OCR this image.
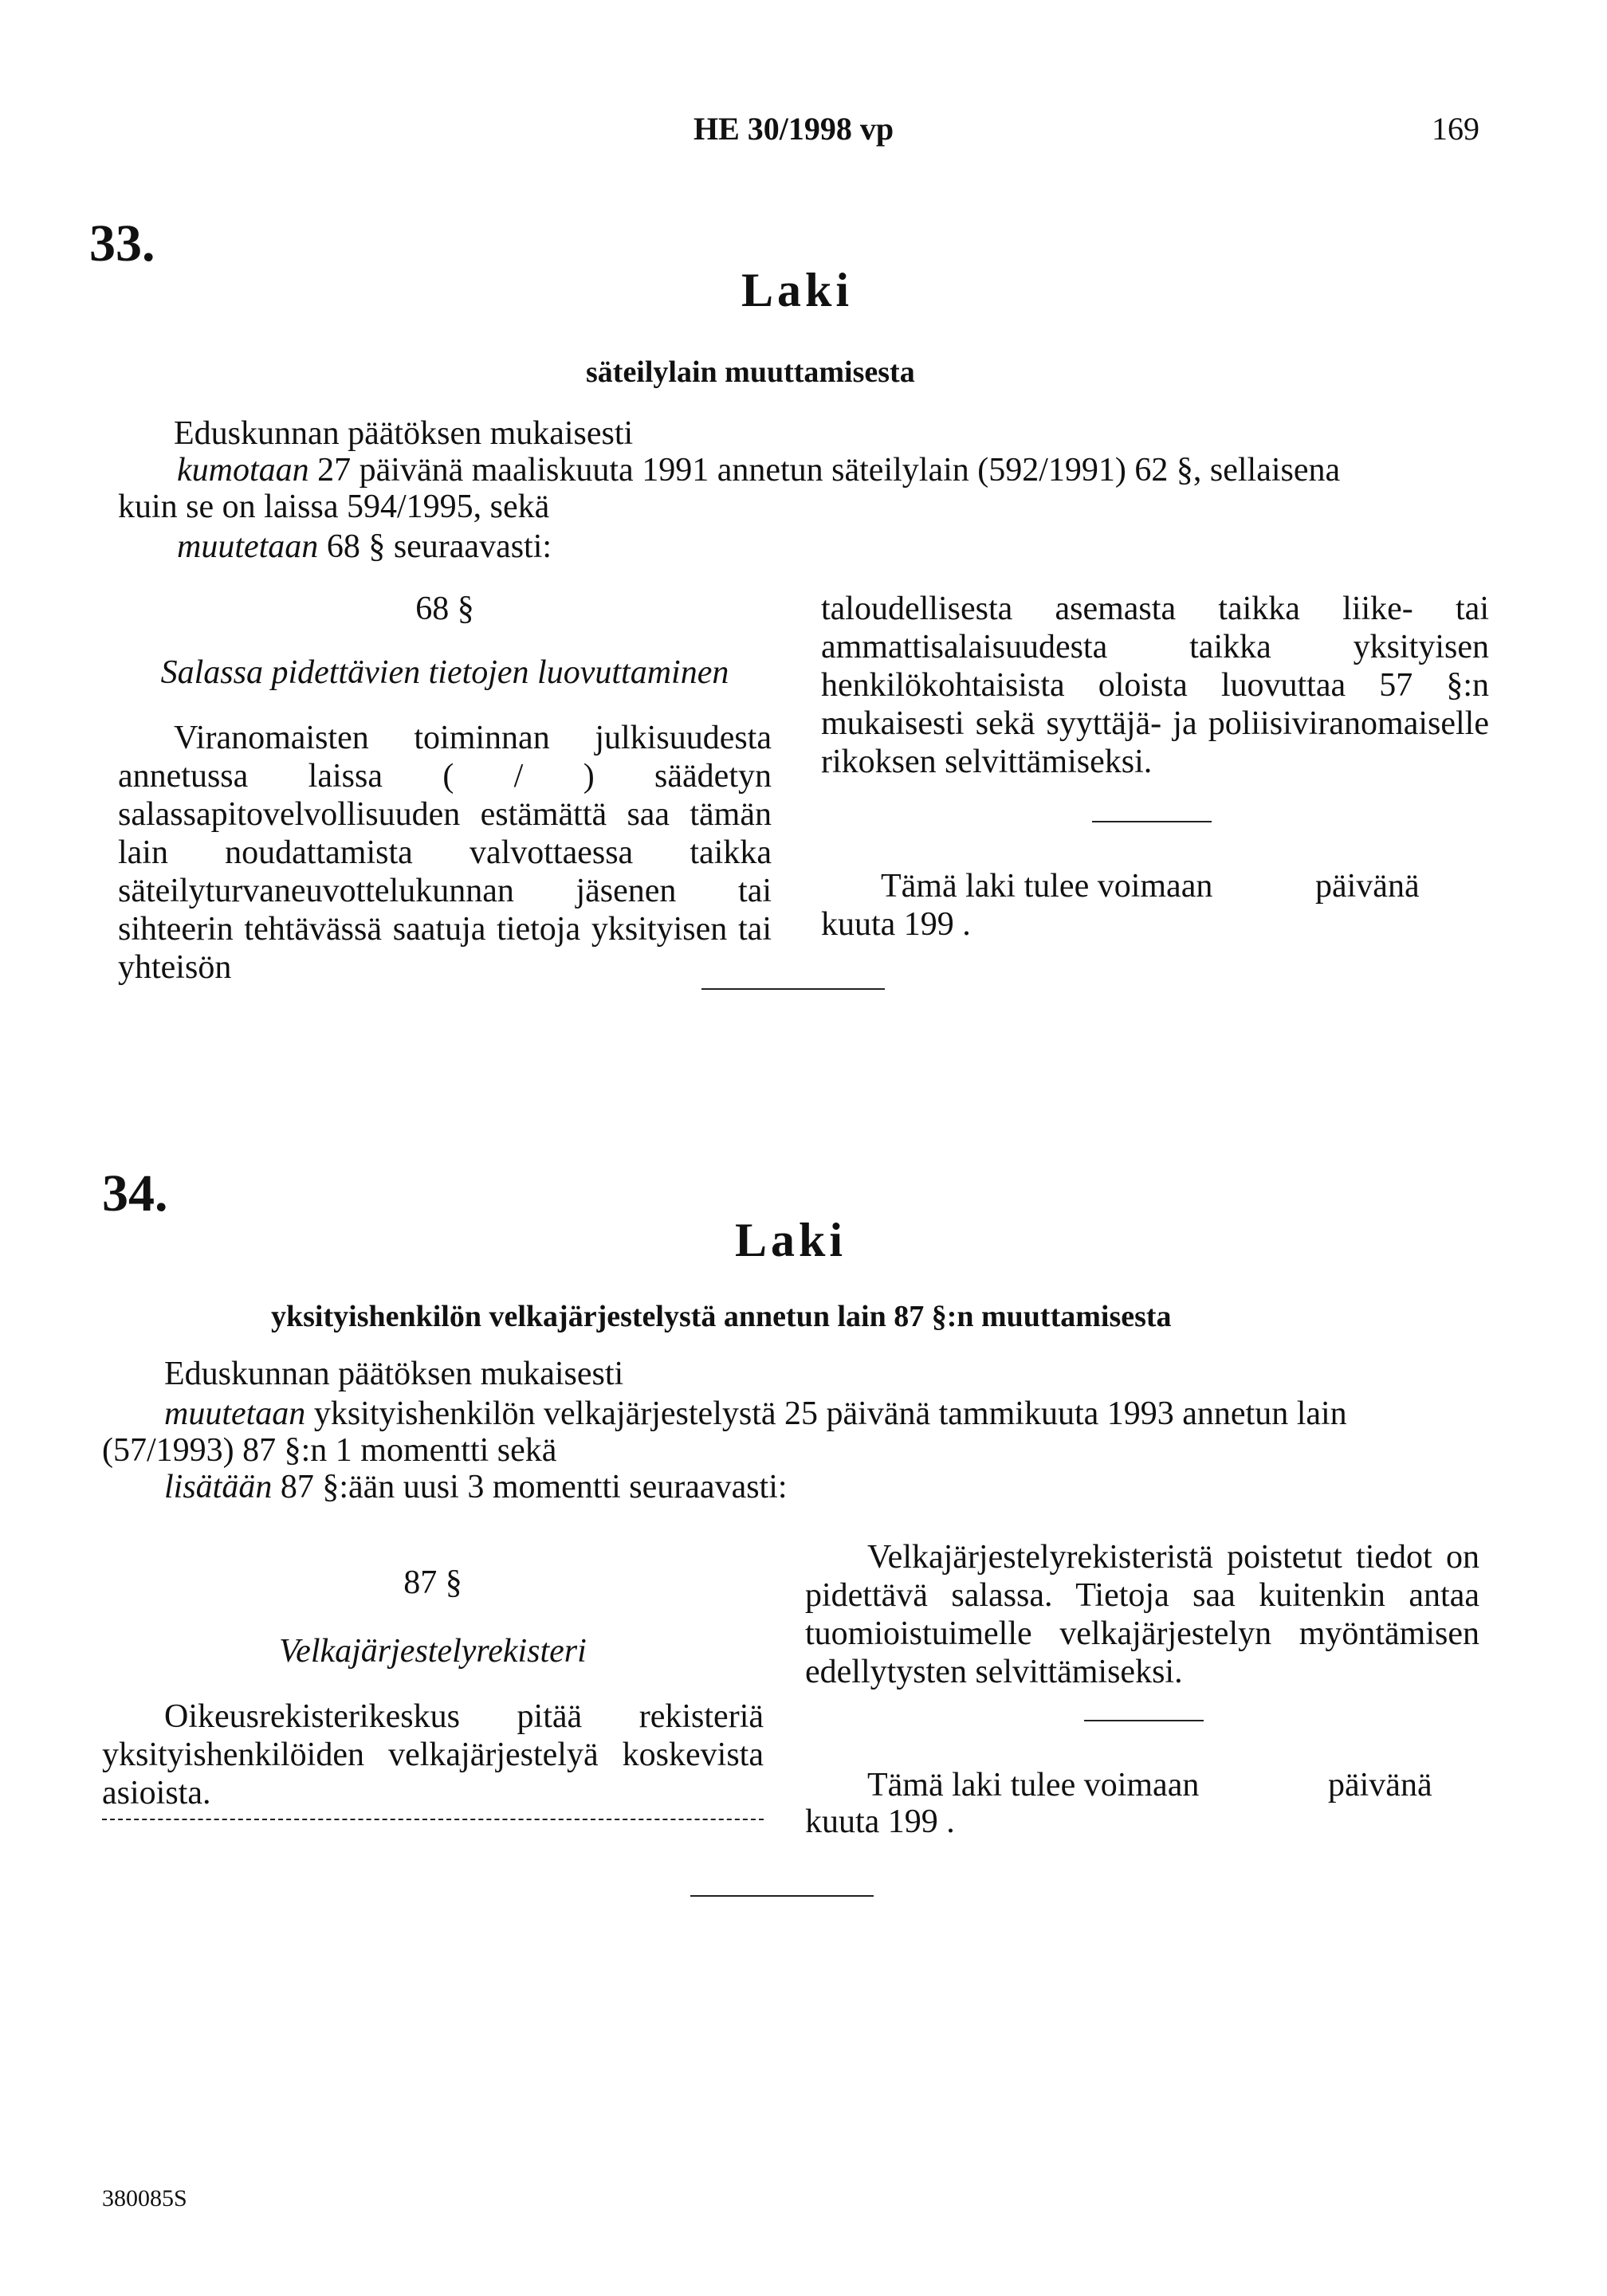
HE 30/1998 vp	169
33.
Laki
säteilylain muuttamisesta
Eduskunnan päätöksen mukaisesti
kumotaan 27 päivänä maaliskuuta 1991 annetun säteilylain (592/1991) 62 §, sellaisena
kuin se on laissa 594/1995, sekä
muutetaan 68 § seuraavasti:
68 §
Salassa pidettävien tietojen luovuttaminen

Viranomaisten toiminnan julkisuudesta annetussa laissa ( / ) säädetyn salassapitovelvollisuuden estämättä saa tämän lain noudattamista valvottaessa taikka säteilyturvaneuvottelukunnan jäsenen tai sihteerin tehtävässä saatuja tietoja yksityisen tai yhteisön

taloudellisesta asemasta taikka liike- tai ammattisalaisuudesta taikka yksityisen henkilökohtaisista oloista luovuttaa 57 §:n mukaisesti sekä syyttäjä- ja poliisiviranomaiselle rikoksen selvittämiseksi.

Tämä laki tulee voimaan	päivänä
kuuta 199 .
34.
Laki
yksityishenkilön velkajärjestelystä annetun lain 87 §:n muuttamisesta
Eduskunnan päätöksen mukaisesti
muutetaan yksityishenkilön velkajärjestelystä 25 päivänä tammikuuta 1993 annetun lain
(57/1993) 87 §:n 1 momentti sekä
lisätään 87 §:ään uusi 3 momentti seuraavasti:
87 §
Velkajärjestelyrekisteri

Oikeusrekisterikeskus pitää rekisteriä yksityishenkilöiden velkajärjestelyä koskevista asioista.

Velkajärjestelyrekisteristä poistetut tiedot on pidettävä salassa. Tietoja saa kuitenkin antaa tuomioistuimelle velkajärjestelyn myöntämisen edellytysten selvittämiseksi.

Tämä laki tulee voimaan	päivänä
kuuta 199 .
380085S
